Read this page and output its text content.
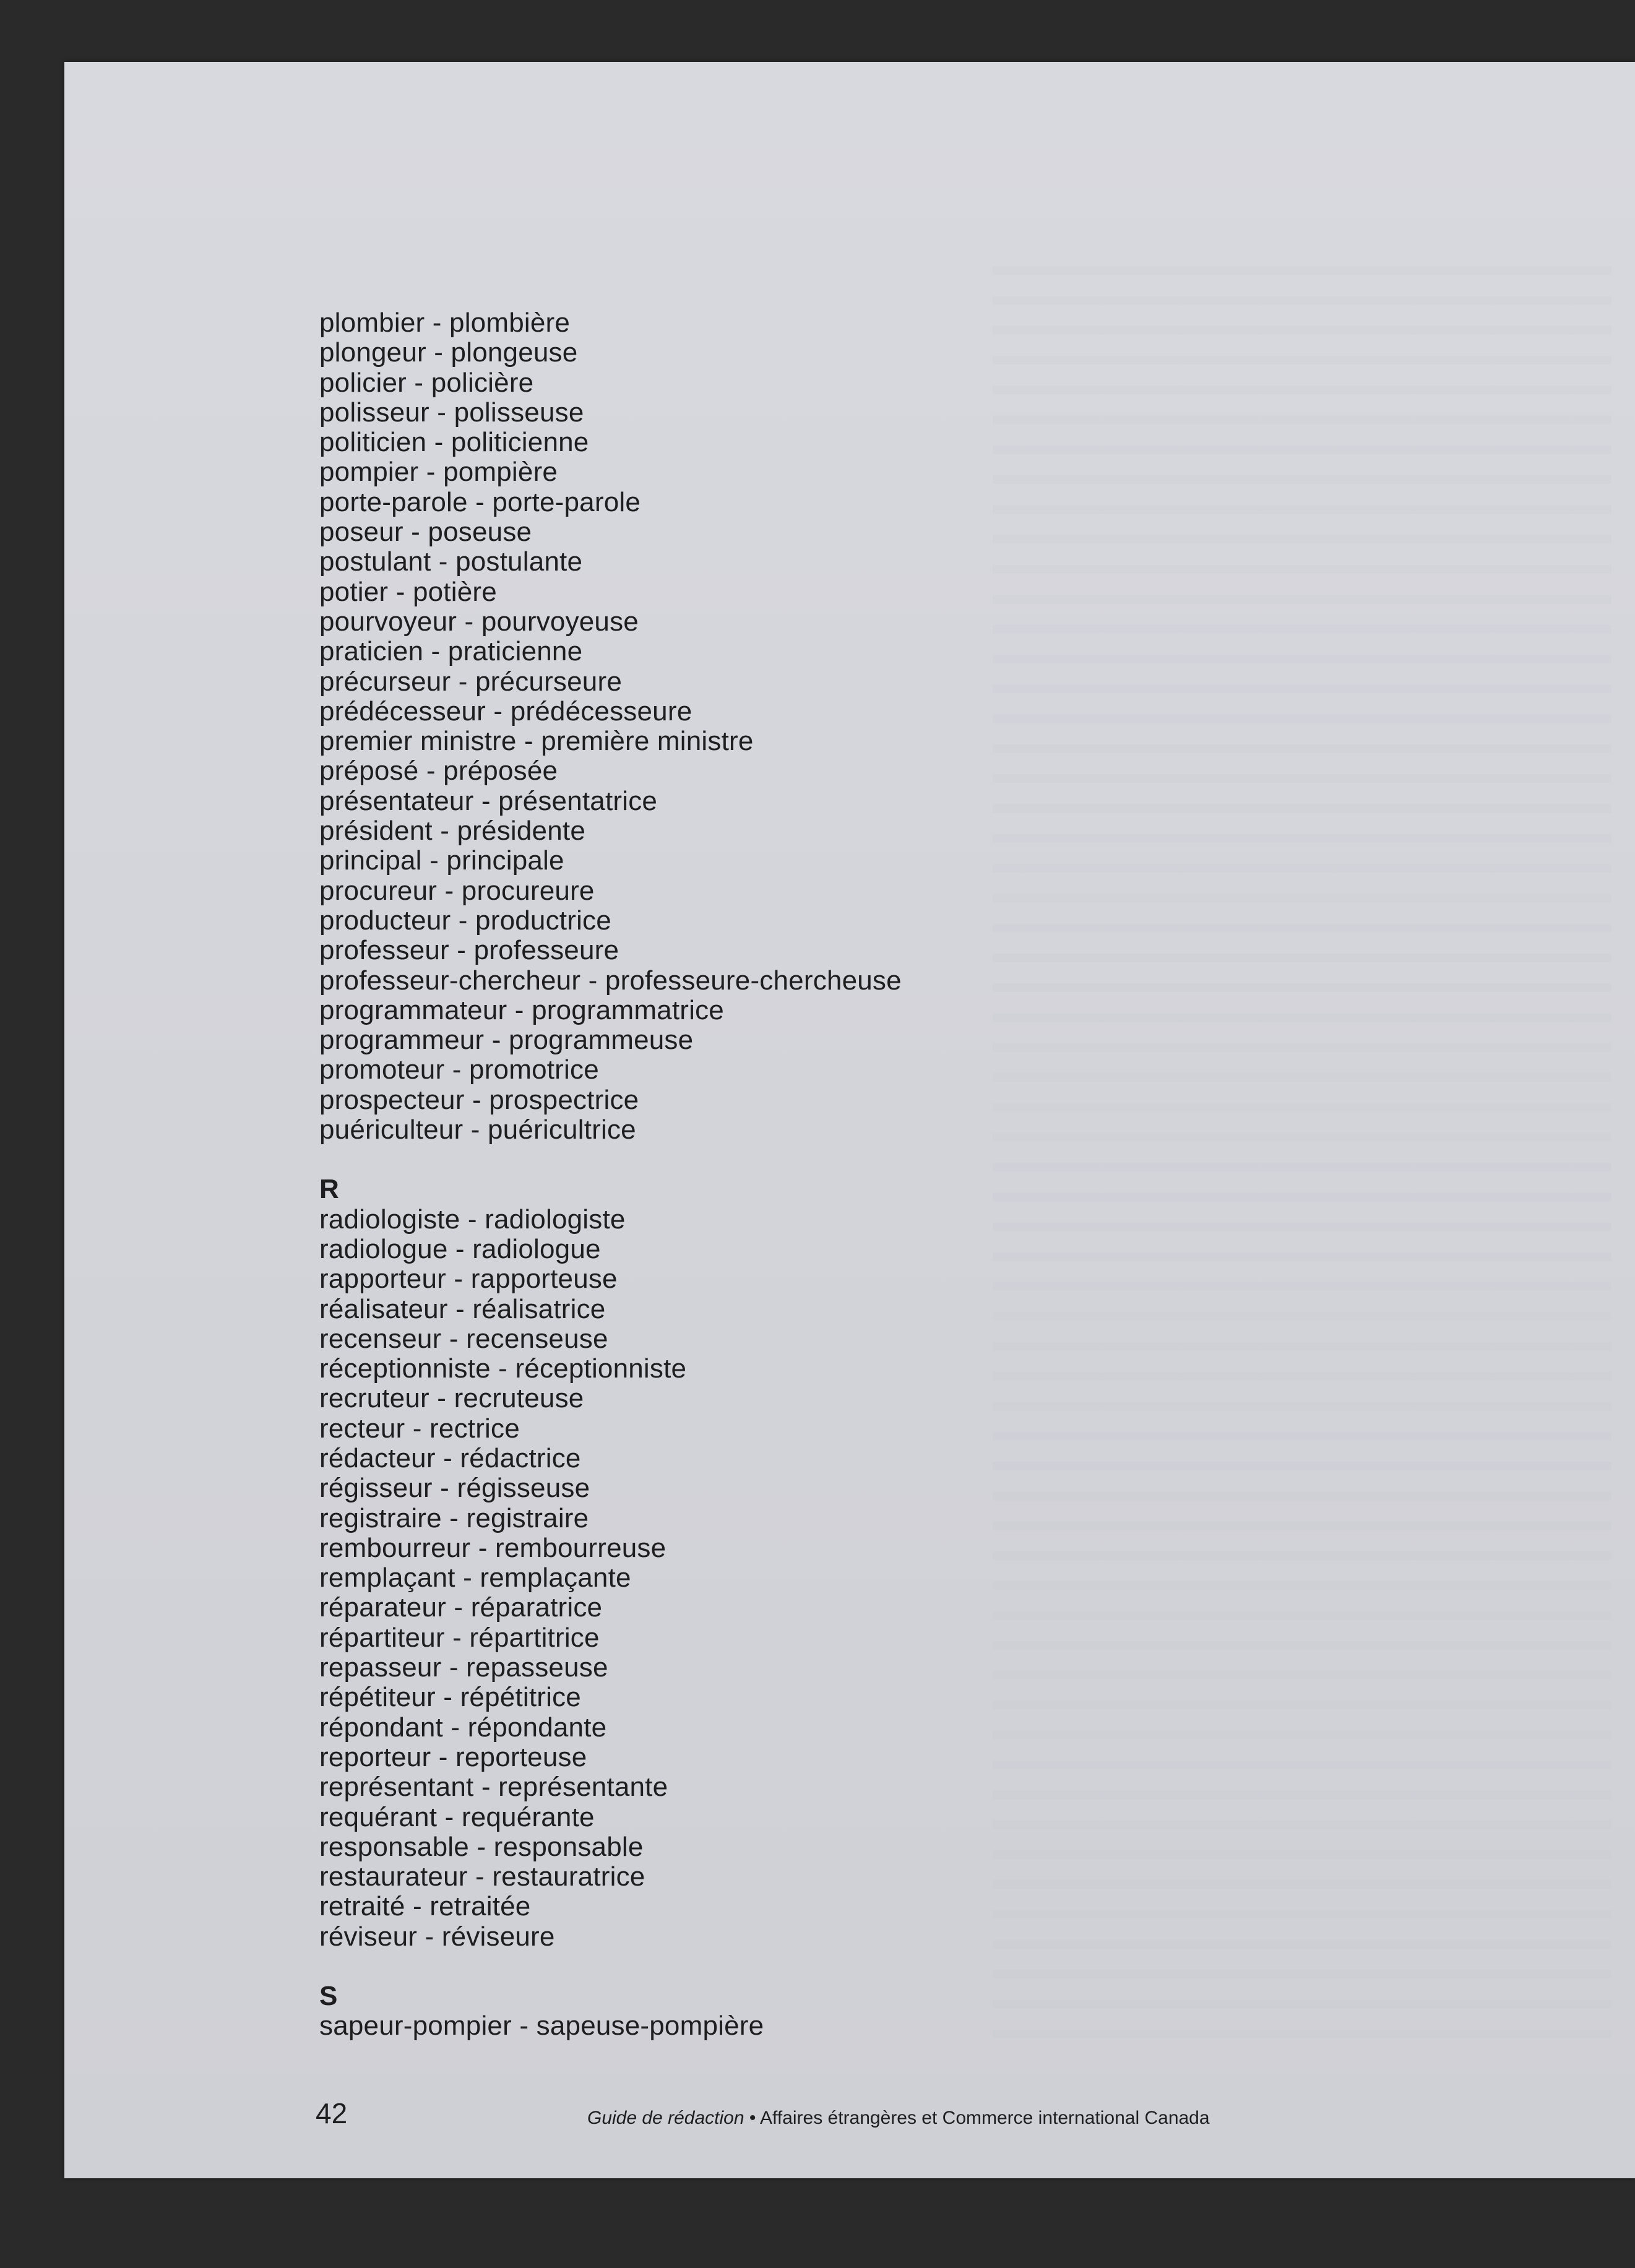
plombier - plombière
plongeur - plongeuse
policier - policière
polisseur - polisseuse
politicien - politicienne
pompier - pompière
porte-parole - porte-parole
poseur - poseuse
postulant - postulante
potier - potière
pourvoyeur - pourvoyeuse
praticien - praticienne
précurseur - précurseure
prédécesseur - prédécesseure
premier ministre - première ministre
préposé - préposée
présentateur - présentatrice
président - présidente
principal - principale
procureur - procureure
producteur - productrice
professeur - professeure
professeur-chercheur - professeure-chercheuse
programmateur - programmatrice
programmeur - programmeuse
promoteur - promotrice
prospecteur - prospectrice
puériculteur - puéricultrice
R
radiologiste - radiologiste
radiologue - radiologue
rapporteur - rapporteuse
réalisateur - réalisatrice
recenseur - recenseuse
réceptionniste - réceptionniste
recruteur - recruteuse
recteur - rectrice
rédacteur - rédactrice
régisseur - régisseuse
registraire - registraire
rembourreur - rembourreuse
remplaçant - remplaçante
réparateur - réparatrice
répartiteur - répartitrice
repasseur - repasseuse
répétiteur - répétitrice
répondant - répondante
reporteur - reporteuse
représentant - représentante
requérant - requérante
responsable - responsable
restaurateur - restauratrice
retraité - retraitée
réviseur - réviseure
S
sapeur-pompier - sapeuse-pompière
42	Guide de rédaction • Affaires étrangères et Commerce international Canada
